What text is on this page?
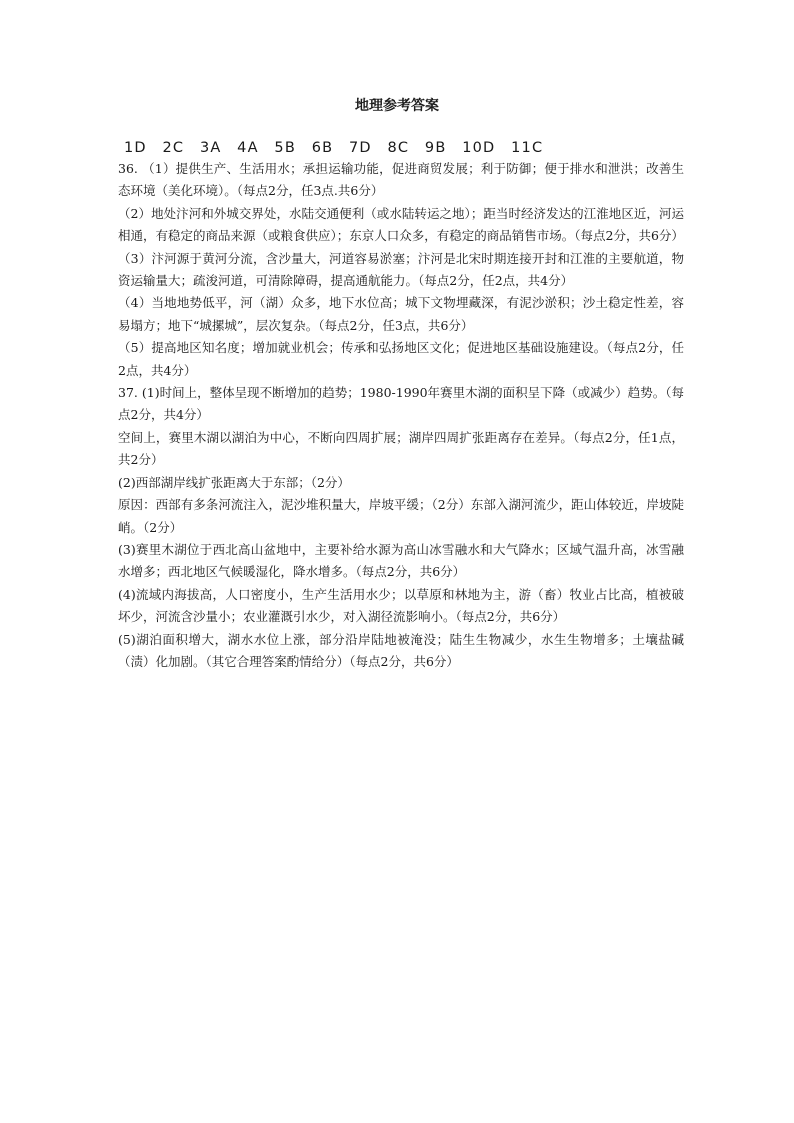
地理参考答案
1D　2C　3A　4A　5B　6B　7D　8C　9B　10D　11C

36. （1）提供生产、生活用水；承担运输功能，促进商贸发展；利于防御；便于排水和泄洪；改善生态环境（美化环境）。（每点2分，任3点.共6分）

（2）地处汴河和外城交界处，水陆交通便利（或水陆转运之地）；距当时经济发达的江淮地区近，河运相通，有稳定的商品来源（或粮食供应）；东京人口众多，有稳定的商品销售市场。（每点2分，共6分）

（3）汴河源于黄河分流，含沙量大，河道容易淤塞；汴河是北宋时期连接开封和江淮的主要航道，物资运输量大；疏浚河道，可清除障碍，提高通航能力。（每点2分，任2点，共4分）

（4）当地地势低平，河（湖）众多，地下水位高；城下文物埋藏深，有泥沙淤积；沙土稳定性差，容易塌方；地下“城摞城”，层次复杂。（每点2分，任3点，共6分）

（5）提高地区知名度；增加就业机会；传承和弘扬地区文化；促进地区基础设施建设。（每点2分，任2点，共4分）

37. (1)时间上，整体呈现不断增加的趋势；1980-1990年赛里木湖的面积呈下降（或减少）趋势。（每点2分，共4分）

空间上，赛里木湖以湖泊为中心，不断向四周扩展；湖岸四周扩张距离存在差异。（每点2分，任1点，共2分）

(2)西部湖岸线扩张距离大于东部；（2分）

原因：西部有多条河流注入，泥沙堆积量大，岸坡平缓；（2分）东部入湖河流少，距山体较近，岸坡陡峭。（2分）

(3)赛里木湖位于西北高山盆地中，主要补给水源为高山冰雪融水和大气降水；区域气温升高，冰雪融水增多；西北地区气候暖湿化，降水增多。（每点2分，共6分）

(4)流域内海拔高，人口密度小，生产生活用水少；以草原和林地为主，游（畜）牧业占比高，植被破坏少，河流含沙量小；农业灌溉引水少，对入湖径流影响小。（每点2分，共6分）

(5)湖泊面积增大，湖水水位上涨，部分沿岸陆地被淹没；陆生生物减少，水生生物增多；土壤盐碱（渍）化加剧。（其它合理答案酌情给分）（每点2分，共6分）
